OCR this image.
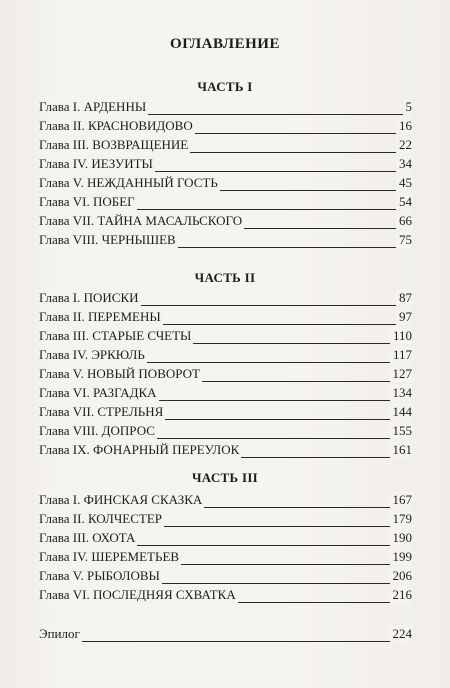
ОГЛАВЛЕНИЕ
ЧАСТЬ I
Глава I. АРДЕННЫ	5
Глава II. КРАСНОВИДОВО	16
Глава III. ВОЗВРАЩЕНИЕ	22
Глава IV. ИЕЗУИТЫ	34
Глава V. НЕЖДАННЫЙ ГОСТЬ	45
Глава VI. ПОБЕГ	54
Глава VII. ТАЙНА МАСАЛЬСКОГО	66
Глава VIII. ЧЕРНЫШЕВ	75
ЧАСТЬ II
Глава I. ПОИСКИ	87
Глава II. ПЕРЕМЕНЫ	97
Глава III. СТАРЫЕ СЧЕТЫ	110
Глава IV. ЭРКЮЛЬ	117
Глава V. НОВЫЙ ПОВОРОТ	127
Глава VI. РАЗГАДКА	134
Глава VII. СТРЕЛЬНЯ	144
Глава VIII. ДОПРОС	155
Глава IX. ФОНАРНЫЙ ПЕРЕУЛОК	161
ЧАСТЬ III
Глава I. ФИНСКАЯ СКАЗКА	167
Глава II. КОЛЧЕСТЕР	179
Глава III. ОХОТА	190
Глава IV. ШЕРЕМЕТЬЕВ	199
Глава V. РЫБОЛОВЫ	206
Глава VI. ПОСЛЕДНЯЯ СХВАТКА	216
Эпилог	224
